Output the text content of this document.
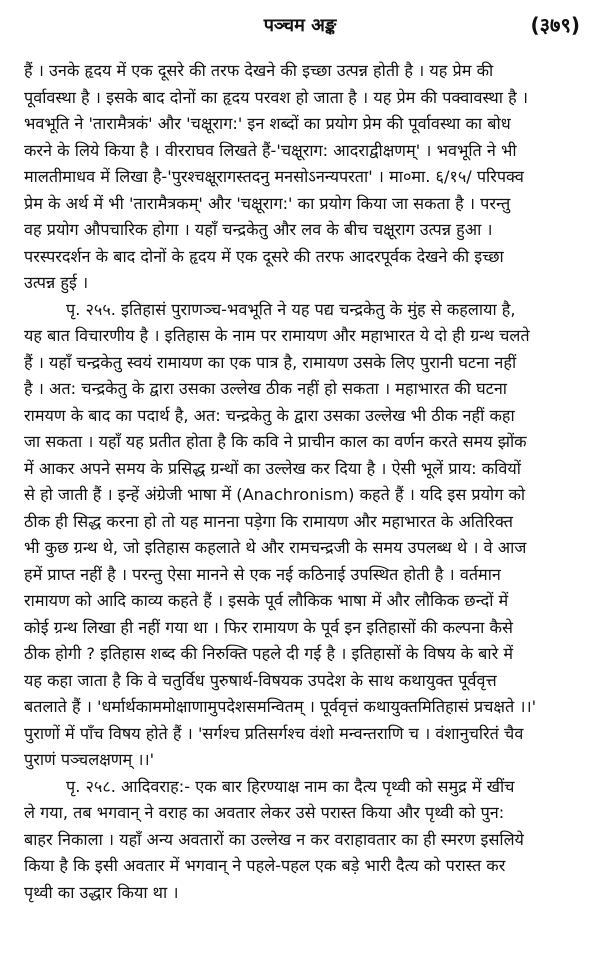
पञ्चम अङ्क	(३७९)
हैं । उनके हृदय में एक दूसरे की तरफ देखने की इच्छा उत्पन्न होती है । यह प्रेम की
पूर्वावस्था है । इसके बाद दोनों का हृदय परवश हो जाता है । यह प्रेम की पक्वावस्था है ।
भवभूति ने 'तारामैत्रकं' और 'चक्षूराग:' इन शब्दों का प्रयोग प्रेम की पूर्वावस्था का बोध
करने के लिये किया है । वीरराघव लिखते हैं-'चक्षूराग: आदराद्वीक्षणम्' । भवभूति ने भी
मालतीमाधव में लिखा है-'पुरश्चक्षूरागस्तदनु मनसोऽनन्यपरता' । मा०मा. ६/१५/ परिपक्व
प्रेम के अर्थ में भी 'तारामैत्रकम्' और 'चक्षूराग:' का प्रयोग किया जा सकता है । परन्तु
वह प्रयोग औपचारिक होगा । यहाँ चन्द्रकेतु और लव के बीच चक्षूराग उत्पन्न हुआ ।
परस्परदर्शन के बाद दोनों के हृदय में एक दूसरे की तरफ आदरपूर्वक देखने की इच्छा
उत्पन्न हुई ।
पृ. २५५. इतिहासं पुराणञ्च-भवभूति ने यह पद्य चन्द्रकेतु के मुंह से कहलाया है,
यह बात विचारणीय है । इतिहास के नाम पर रामायण और महाभारत ये दो ही ग्रन्थ चलते
हैं । यहाँ चन्द्रकेतु स्वयं रामायण का एक पात्र है, रामायण उसके लिए पुरानी घटना नहीं
है । अत: चन्द्रकेतु के द्वारा उसका उल्लेख ठीक नहीं हो सकता । महाभारत की घटना
रामयण के बाद का पदार्थ है, अत: चन्द्रकेतु के द्वारा उसका उल्लेख भी ठीक नहीं कहा
जा सकता । यहाँ यह प्रतीत होता है कि कवि ने प्राचीन काल का वर्णन करते समय झोंक
में आकर अपने समय के प्रसिद्ध ग्रन्थों का उल्लेख कर दिया है । ऐसी भूलें प्राय: कवियों
से हो जाती हैं । इन्हें अंग्रेजी भाषा में (Anachronism) कहते हैं । यदि इस प्रयोग को
ठीक ही सिद्ध करना हो तो यह मानना पड़ेगा कि रामायण और महाभारत के अतिरिक्त
भी कुछ ग्रन्थ थे, जो इतिहास कहलाते थे और रामचन्द्रजी के समय उपलब्ध थे । वे आज
हमें प्राप्त नहीं है । परन्तु ऐसा मानने से एक नई कठिनाई उपस्थित होती है । वर्तमान
रामायण को आदि काव्य कहते हैं । इसके पूर्व लौकिक भाषा में और लौकिक छन्दों में
कोई ग्रन्थ लिखा ही नहीं गया था । फिर रामायण के पूर्व इन इतिहासों की कल्पना कैसे
ठीक होगी ? इतिहास शब्द की निरुक्ति पहले दी गई है । इतिहासों के विषय के बारे में
यह कहा जाता है कि वे चतुर्विध पुरुषार्थ-विषयक उपदेश के साथ कथायुक्त पूर्ववृत्त
बतलाते हैं । 'धर्मार्थकाममोक्षाणामुपदेशसमन्वितम् । पूर्ववृत्तं कथायुक्तमितिहासं प्रचक्षते ।।'
पुराणों में पाँच विषय होते हैं । 'सर्गश्च प्रतिसर्गश्च वंशो मन्वन्तराणि च । वंशानुचरितं चैव
पुराणं पञ्चलक्षणम् ।।'
पृ. २५८. आदिवराह:- एक बार हिरण्याक्ष नाम का दैत्य पृथ्वी को समुद्र में खींच
ले गया, तब भगवान् ने वराह का अवतार लेकर उसे परास्त किया और पृथ्वी को पुन:
बाहर निकाला । यहाँ अन्य अवतारों का उल्लेख न कर वराहावतार का ही स्मरण इसलिये
किया है कि इसी अवतार में भगवान् ने पहले-पहल एक बड़े भारी दैत्य को परास्त कर
पृथ्वी का उद्धार किया था ।
